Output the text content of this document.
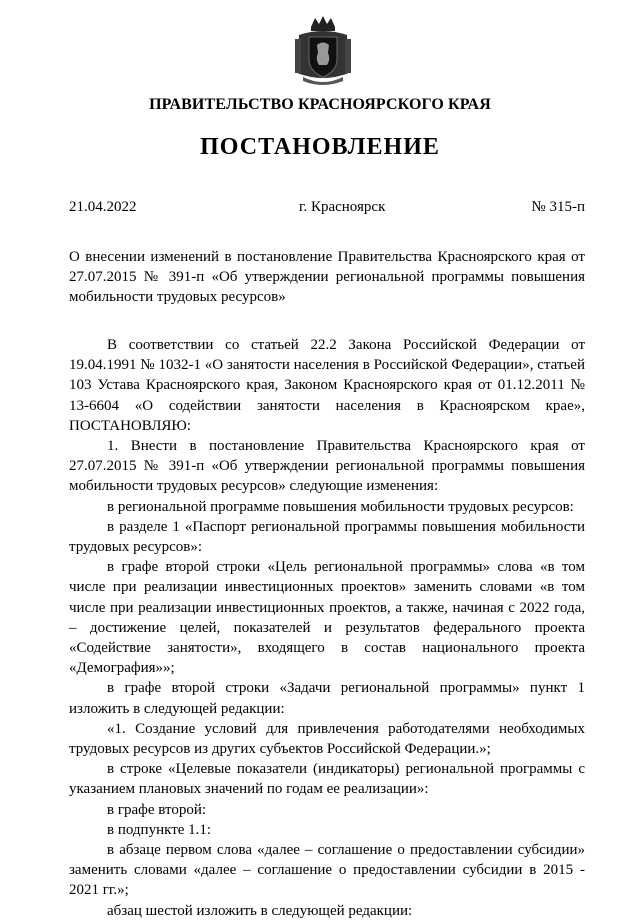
ПРАВИТЕЛЬСТВО КРАСНОЯРСКОГО КРАЯ
ПОСТАНОВЛЕНИЕ
21.04.2022	г. Красноярск	№ 315-п
О внесении изменений в постановление Правительства Красноярского края от 27.07.2015 № 391-п «Об утверждении региональной программы повышения мобильности трудовых ресурсов»

В соответствии со статьей 22.2 Закона Российской Федерации от 19.04.1991 № 1032-1 «О занятости населения в Российской Федерации», статьей 103 Устава Красноярского края, Законом Красноярского края от 01.12.2011 № 13-6604 «О содействии занятости населения в Красноярском крае», ПОСТАНОВЛЯЮ:

1. Внести в постановление Правительства Красноярского края от 27.07.2015 № 391-п «Об утверждении региональной программы повышения мобильности трудовых ресурсов» следующие изменения:

в региональной программе повышения мобильности трудовых ресурсов:

в разделе 1 «Паспорт региональной программы повышения мобильности трудовых ресурсов»:

в графе второй строки «Цель региональной программы» слова «в том числе при реализации инвестиционных проектов» заменить словами «в том числе при реализации инвестиционных проектов, а также, начиная с 2022 года, – достижение целей, показателей и результатов федерального проекта «Содействие занятости», входящего в состав национального проекта «Демография»»;

в графе второй строки «Задачи региональной программы» пункт 1 изложить в следующей редакции:

«1. Создание условий для привлечения работодателями необходимых трудовых ресурсов из других субъектов Российской Федерации.»;

в строке «Целевые показатели (индикаторы) региональной программы с указанием плановых значений по годам ее реализации»:

в графе второй:

в подпункте 1.1:

в абзаце первом слова «далее – соглашение о предоставлении субсидии» заменить словами «далее – соглашение о предоставлении субсидии в 2015 - 2021 гг.»;

абзац шестой изложить в следующей редакции:
